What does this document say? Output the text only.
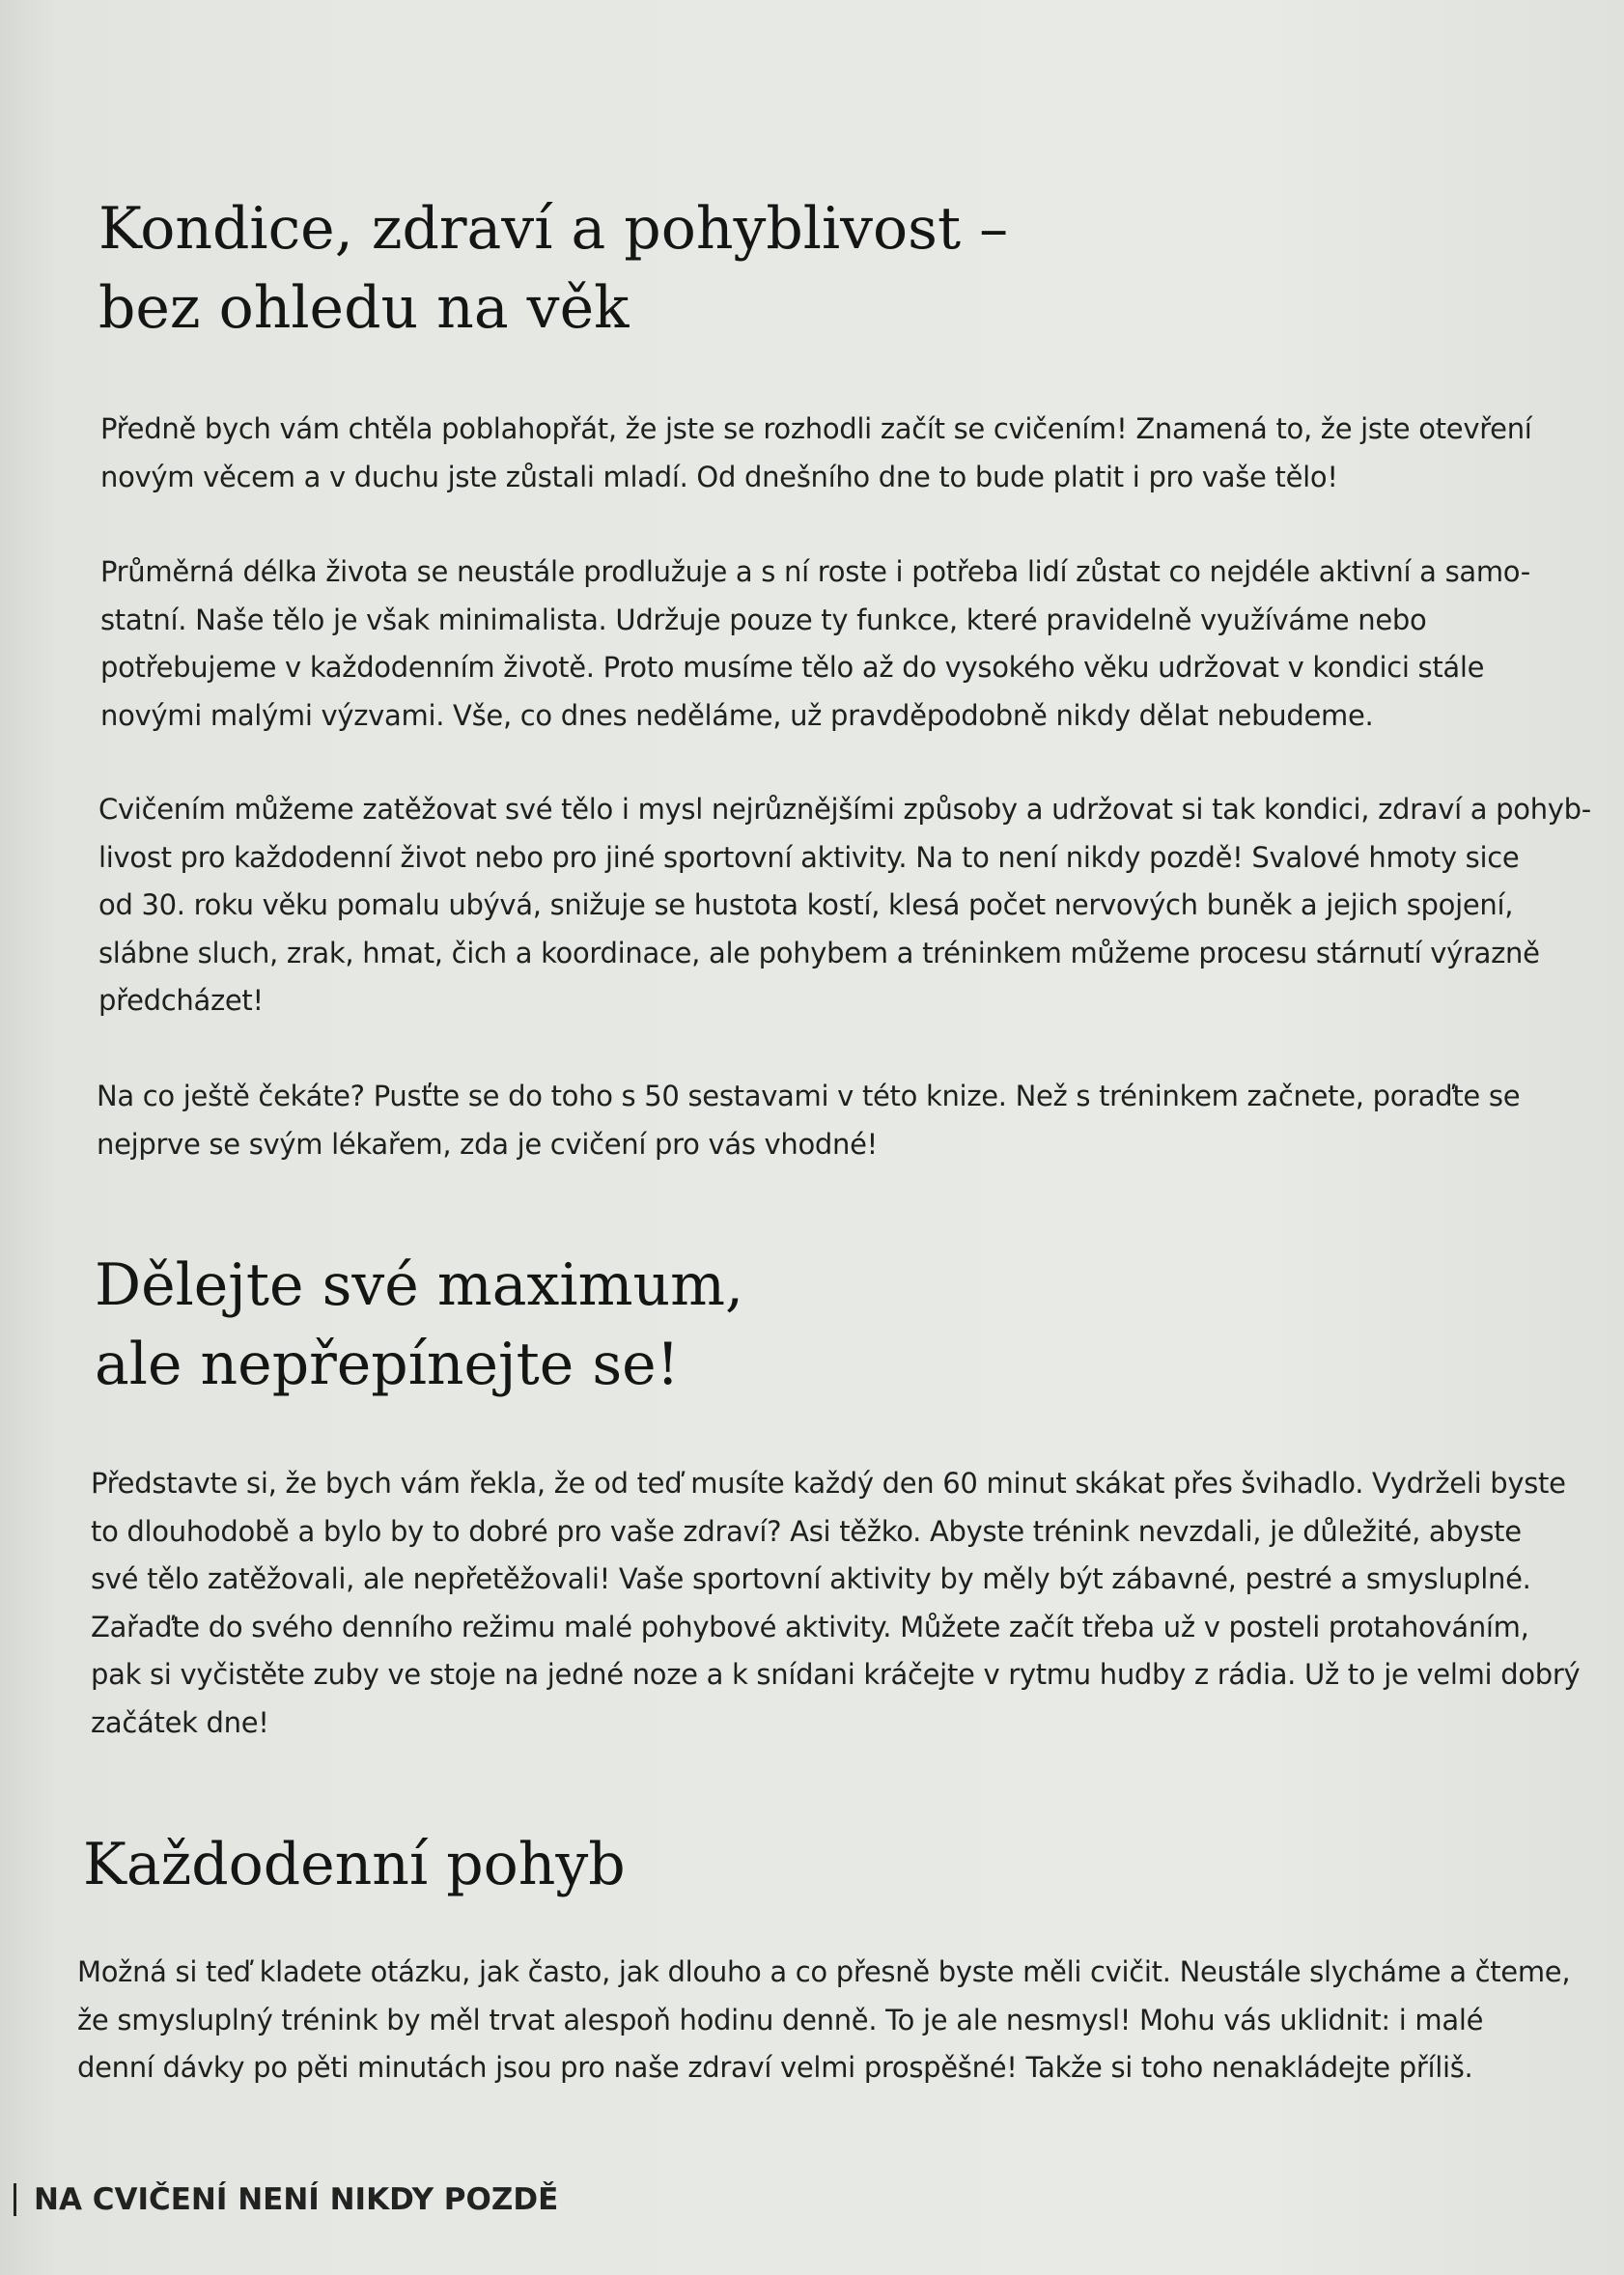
Kondice, zdraví a pohyblivost –
bez ohledu na věk

Předně bych vám chtěla poblahopřát, že jste se rozhodli začít se cvičením! Znamená to, že jste otevření
novým věcem a v duchu jste zůstali mladí. Od dnešního dne to bude platit i pro vaše tělo!

Průměrná délka života se neustále prodlužuje a s ní roste i potřeba lidí zůstat co nejdéle aktivní a samo-
statní. Naše tělo je však minimalista. Udržuje pouze ty funkce, které pravidelně využíváme nebo
potřebujeme v každodenním životě. Proto musíme tělo až do vysokého věku udržovat v kondici stále
novými malými výzvami. Vše, co dnes neděláme, už pravděpodobně nikdy dělat nebudeme.

Cvičením můžeme zatěžovat své tělo i mysl nejrůznějšími způsoby a udržovat si tak kondici, zdraví a pohyb-
livost pro každodenní život nebo pro jiné sportovní aktivity. Na to není nikdy pozdě! Svalové hmoty sice
od 30. roku věku pomalu ubývá, snižuje se hustota kostí, klesá počet nervových buněk a jejich spojení,
slábne sluch, zrak, hmat, čich a koordinace, ale pohybem a tréninkem můžeme procesu stárnutí výrazně
předcházet!

Na co ještě čekáte? Pusťte se do toho s 50 sestavami v této knize. Než s tréninkem začnete, poraďte se
nejprve se svým lékařem, zda je cvičení pro vás vhodné!

Dělejte své maximum,
ale nepřepínejte se!

Představte si, že bych vám řekla, že od teď musíte každý den 60 minut skákat přes švihadlo. Vydrželi byste
to dlouhodobě a bylo by to dobré pro vaše zdraví? Asi těžko. Abyste trénink nevzdali, je důležité, abyste
své tělo zatěžovali, ale nepřetěžovali! Vaše sportovní aktivity by měly být zábavné, pestré a smysluplné.
Zařaďte do svého denního režimu malé pohybové aktivity. Můžete začít třeba už v posteli protahováním,
pak si vyčistěte zuby ve stoje na jedné noze a k snídani kráčejte v rytmu hudby z rádia. Už to je velmi dobrý
začátek dne!

Každodenní pohyb

Možná si teď kladete otázku, jak často, jak dlouho a co přesně byste měli cvičit. Neustále slycháme a čteme,
že smysluplný trénink by měl trvat alespoň hodinu denně. To je ale nesmysl! Mohu vás uklidnit: i malé
denní dávky po pěti minutách jsou pro naše zdraví velmi prospěšné! Takže si toho nenakládejte příliš.

NA CVIČENÍ NENÍ NIKDY POZDĚ
